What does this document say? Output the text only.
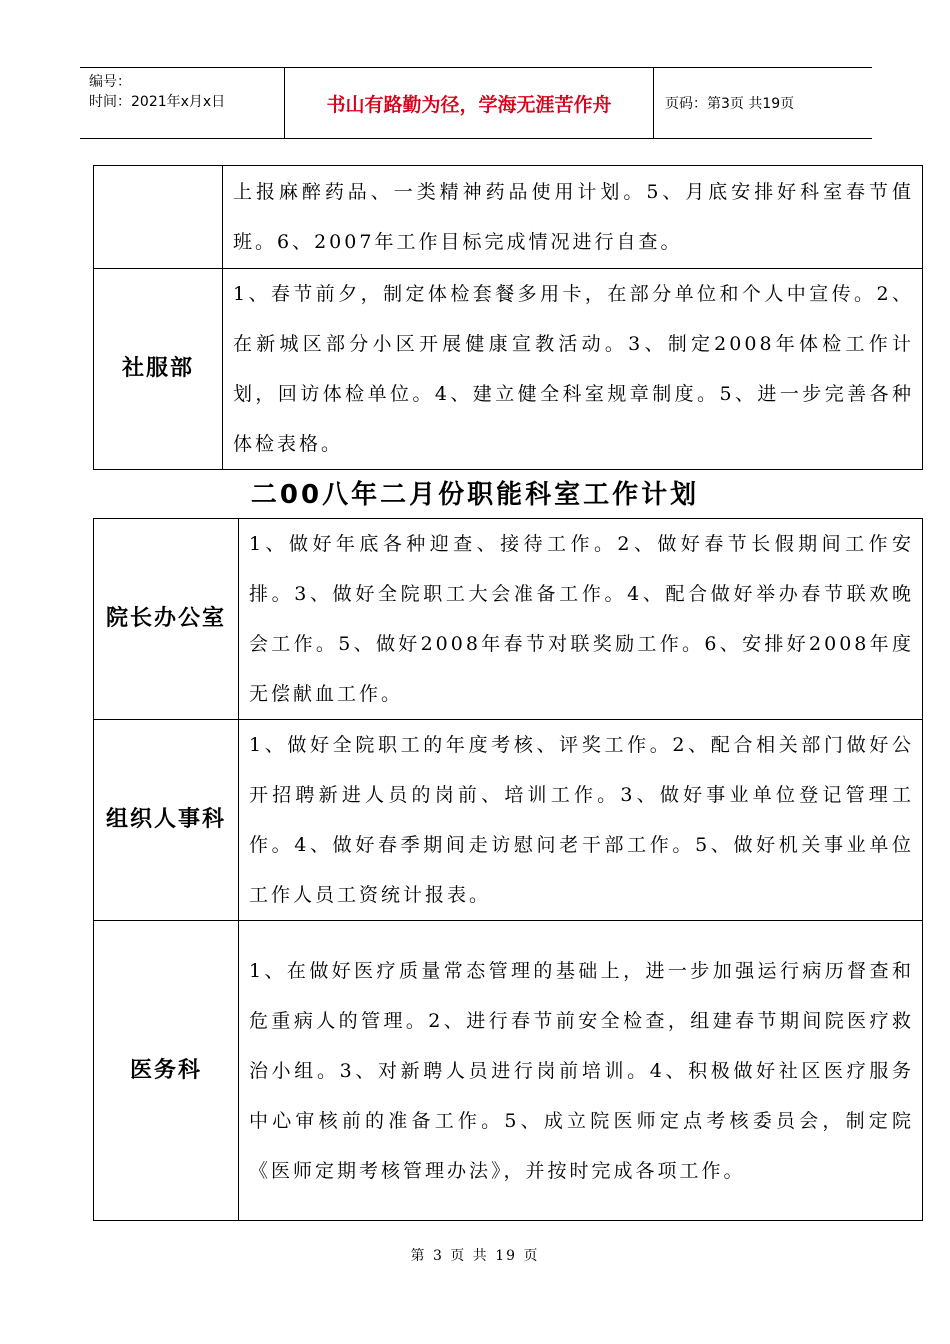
编号：
时间：2021年x月x日	书山有路勤为径，学海无涯苦作舟	页码：第3页 共19页
	上报麻醉药品、一类精神药品使用计划。5、月底安排好科室春节值班。6、2007年工作目标完成情况进行自查。
社服部	1、春节前夕，制定体检套餐多用卡，在部分单位和个人中宣传。2、在新城区部分小区开展健康宣教活动。3、制定2008年体检工作计划，回访体检单位。4、建立健全科室规章制度。5、进一步完善各种体检表格。
二00八年二月份职能科室工作计划
院长办公室	1、做好年底各种迎查、接待工作。2、做好春节长假期间工作安排。3、做好全院职工大会准备工作。4、配合做好举办春节联欢晚会工作。5、做好2008年春节对联奖励工作。6、安排好2008年度无偿献血工作。
组织人事科	1、做好全院职工的年度考核、评奖工作。2、配合相关部门做好公开招聘新进人员的岗前、培训工作。3、做好事业单位登记管理工作。4、做好春季期间走访慰问老干部工作。5、做好机关事业单位工作人员工资统计报表。
医务科	1、在做好医疗质量常态管理的基础上，进一步加强运行病历督查和危重病人的管理。2、进行春节前安全检查，组建春节期间院医疗救治小组。3、对新聘人员进行岗前培训。4、积极做好社区医疗服务中心审核前的准备工作。5、成立院医师定点考核委员会，制定院《医师定期考核管理办法》，并按时完成各项工作。
第 3 页 共 19 页
